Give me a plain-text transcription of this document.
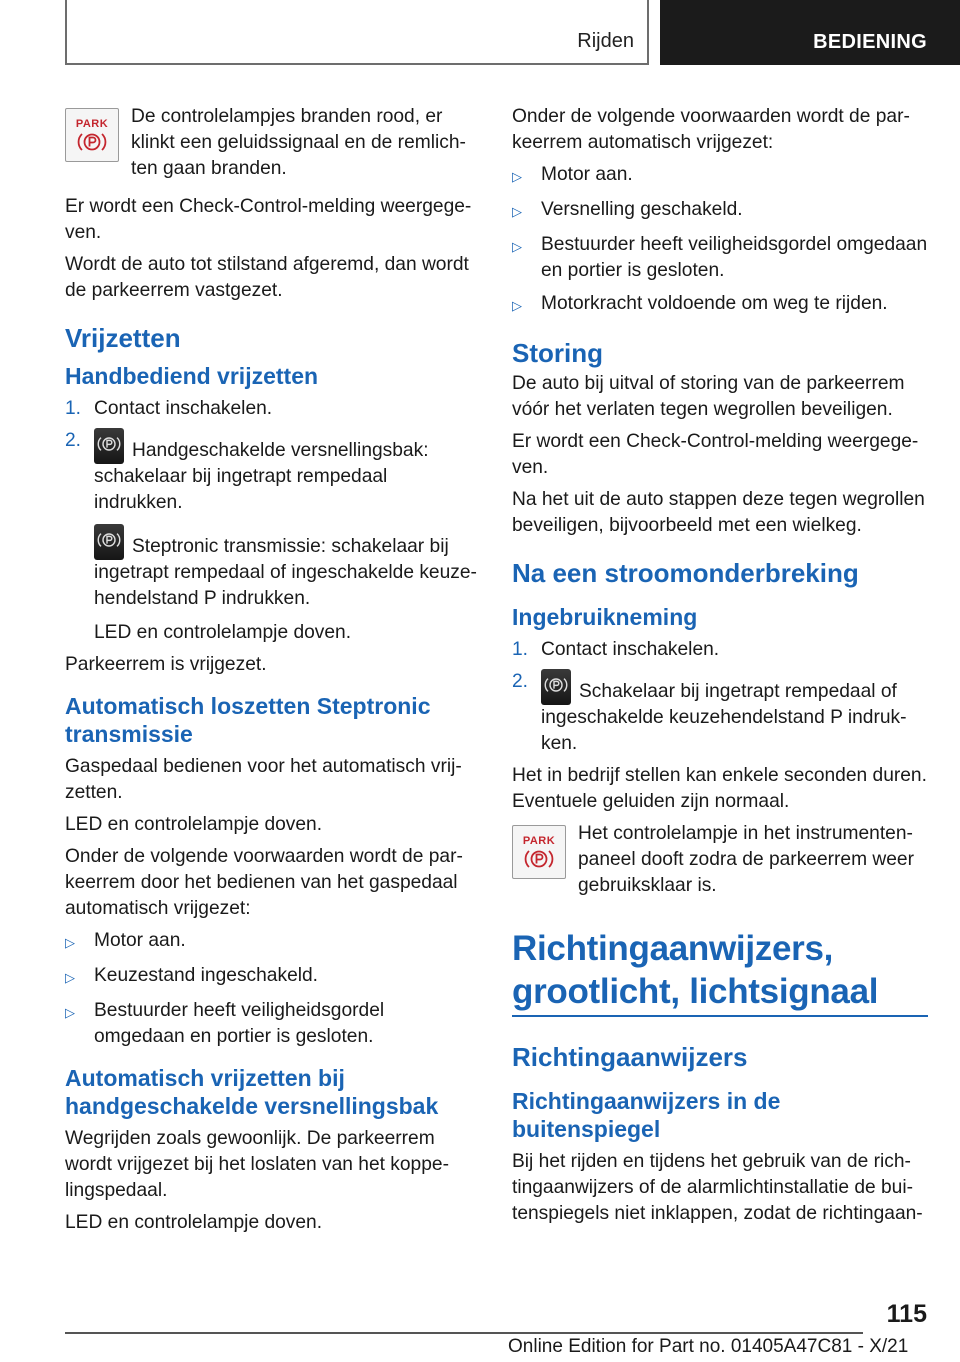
Rijden	BEDIENING
PARK De controlelampjes branden rood, er klinkt een geluidssignaal en de remlich-ten gaan branden.

Er wordt een Check-Control-melding weergege-ven.

Wordt de auto tot stilstand afgeremd, dan wordt de parkeerrem vastgezet.

Vrijzetten
Handbediend vrijzetten
1. Contact inschakelen.
2.	Handgeschakelde versnellingsbak: schakelaar bij ingetrapt rempedaal indrukken.

Steptronic transmissie: schakelaar bij ingetrapt rempedaal of ingeschakelde keuze-hendelstand P indrukken.

LED en controlelampje doven.

Parkeerrem is vrijgezet.

Automatisch loszetten Steptronic transmissie

Gaspedaal bedienen voor het automatisch vrij-zetten.

LED en controlelampje doven.

Onder de volgende voorwaarden wordt de par-keerrem door het bedienen van het gaspedaal automatisch vrijgezet:

▷ Motor aan.
▷ Keuzestand ingeschakeld.
▷ Bestuurder heeft veiligheidsgordel omgedaan en portier is gesloten.
Automatisch vrijzetten bij handgeschakelde versnellingsbak

Wegrijden zoals gewoonlijk. De parkeerrem wordt vrijgezet bij het loslaten van het koppe-lingspedaal.

LED en controlelampje doven.

Onder de volgende voorwaarden wordt de par-keerrem automatisch vrijgezet:

▷ Motor aan.
▷ Versnelling geschakeld.
▷ Bestuurder heeft veiligheidsgordel omgedaan en portier is gesloten.
▷ Motorkracht voldoende om weg te rijden.
Storing

De auto bij uitval of storing van de parkeerrem vóór het verlaten tegen wegrollen beveiligen.

Er wordt een Check-Control-melding weergege-ven.

Na het uit de auto stappen deze tegen wegrollen beveiligen, bijvoorbeeld met een wielkeg.

Na een stroomonderbreking
Ingebruikneming
1. Contact inschakelen.
2.	Schakelaar bij ingetrapt rempedaal of ingeschakelde keuzehendelstand P indruk-ken.

Het in bedrijf stellen kan enkele seconden duren. Eventuele geluiden zijn normaal.

PARK Het controlelampje in het instrumenten-paneel dooft zodra de parkeerrem weer gebruiksklaar is.

Richtingaanwijzers, grootlicht, lichtsignaal
Richtingaanwijzers
Richtingaanwijzers in de buitenspiegel

Bij het rijden en tijdens het gebruik van de rich-tingaanwijzers of de alarmlichtinstallatie de bui-tenspiegels niet inklappen, zodat de richtingaan-

115
Online Edition for Part no. 01405A47C81 - X/21
